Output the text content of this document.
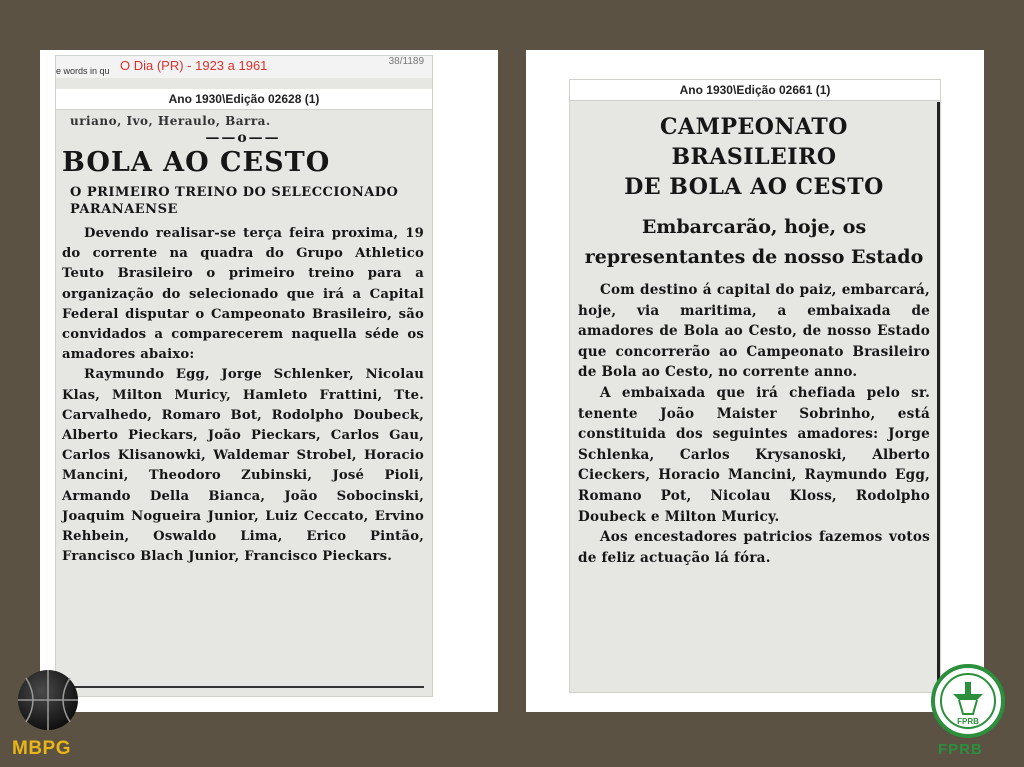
e words in qu O Dia (PR) - 1923 a 1961	38/1189
Ano 1930\Edição 02628 (1)
uriano, Ivo, Heraulo, Barra.
——o——
BOLA AO CESTO
O PRIMEIRO TREINO DO SELECCIONADO PARANAENSE

Devendo realisar-se terça feira proxima, 19 do corrente na quadra do Grupo Athletico Teuto Brasileiro o primeiro treino para a organização do selecionado que irá a Capital Federal disputar o Campeonato Brasileiro, são convidados a comparecerem naquella séde os amadores abaixo:

Raymundo Egg, Jorge Schlenker, Nicolau Klas, Milton Muricy, Hamleto Frattini, Tte. Carvalhedo, Romaro Bot, Rodolpho Doubeck, Alberto Pieckars, João Pieckars, Carlos Gau, Carlos Klisanowki, Waldemar Strobel, Horacio Mancini, Theodoro Zubinski, José Pioli, Armando Della Bianca, João Sobocinski, Joaquim Nogueira Junior, Luiz Ceccato, Ervino Rehbein, Oswaldo Lima, Erico Pintão, Francisco Blach Junior, Francisco Pieckars.

Ano 1930\Edição 02661 (1)
CAMPEONATO BRASILEIRO
DE BOLA AO CESTO
Embarcarão, hoje, os representantes de nosso Estado

Com destino á capital do paiz, embarcará, hoje, via maritima, a embaixada de amadores de Bola ao Cesto, de nosso Estado que concorrerão ao Campeonato Brasileiro de Bola ao Cesto, no corrente anno.

A embaixada que irá chefiada pelo sr. tenente João Maister Sobrinho, está constituida dos seguintes amadores: Jorge Schlenka, Carlos Krysanoski, Alberto Cieckers, Horacio Mancini, Raymundo Egg, Romano Pot, Nicolau Kloss, Rodolpho Doubeck e Milton Muricy.

Aos encestadores patricios fazemos votos de feliz actuação lá fóra.

MBPG
FPRB
FPRB
